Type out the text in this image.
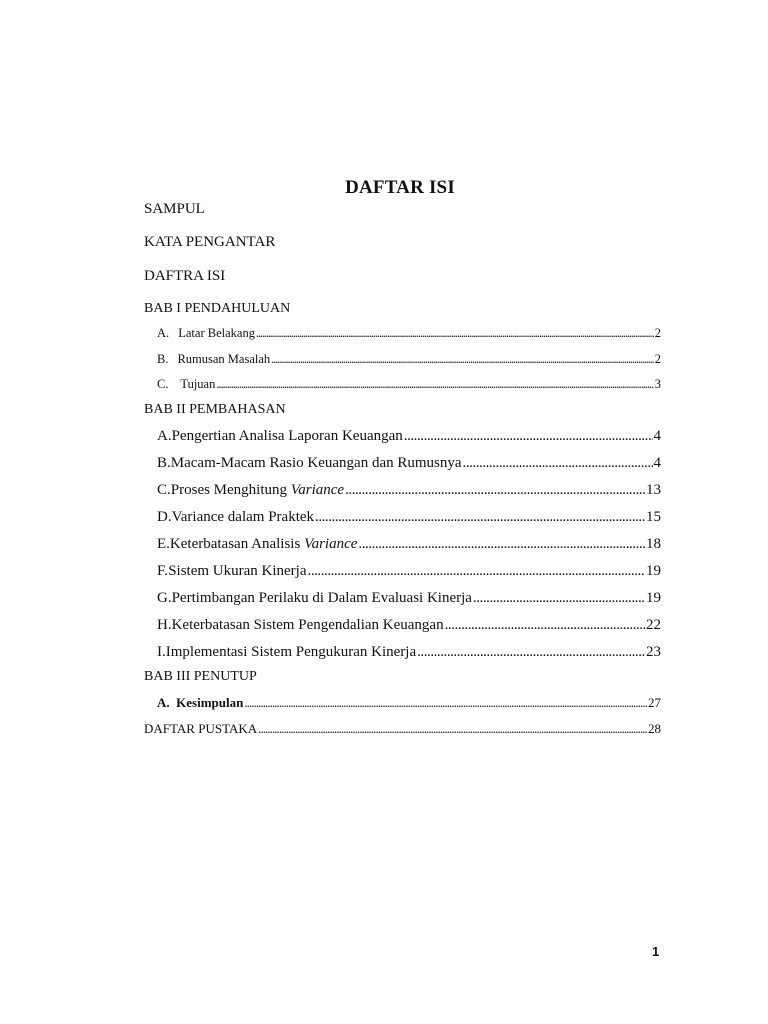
DAFTAR ISI
SAMPUL
KATA PENGANTAR
DAFTRA ISI
BAB I PENDAHULUAN
A. Latar Belakang . . .	2
B. Rumusan Masalah . . .	2
C. Tujuan . . .	3
BAB II PEMBAHASAN
A. Pengertian Analisa Laporan Keuangan . . .	4
B. Macam-Macam Rasio Keuangan dan Rumusnya . . .	4
C. Proses Menghitung Variance . . .	13
D. Variance dalam Praktek . . .	15
E. Keterbatasan Analisis Variance . . .	18
F. Sistem Ukuran Kinerja . . .	19
G. Pertimbangan Perilaku di Dalam Evaluasi Kinerja . . .	19
H. Keterbatasan Sistem Pengendalian Keuangan . . .	22
I. Implementasi Sistem Pengukuran Kinerja . . .	23
BAB III PENUTUP
A. Kesimpulan . . .	27
DAFTAR PUSTAKA . . .	28
1
